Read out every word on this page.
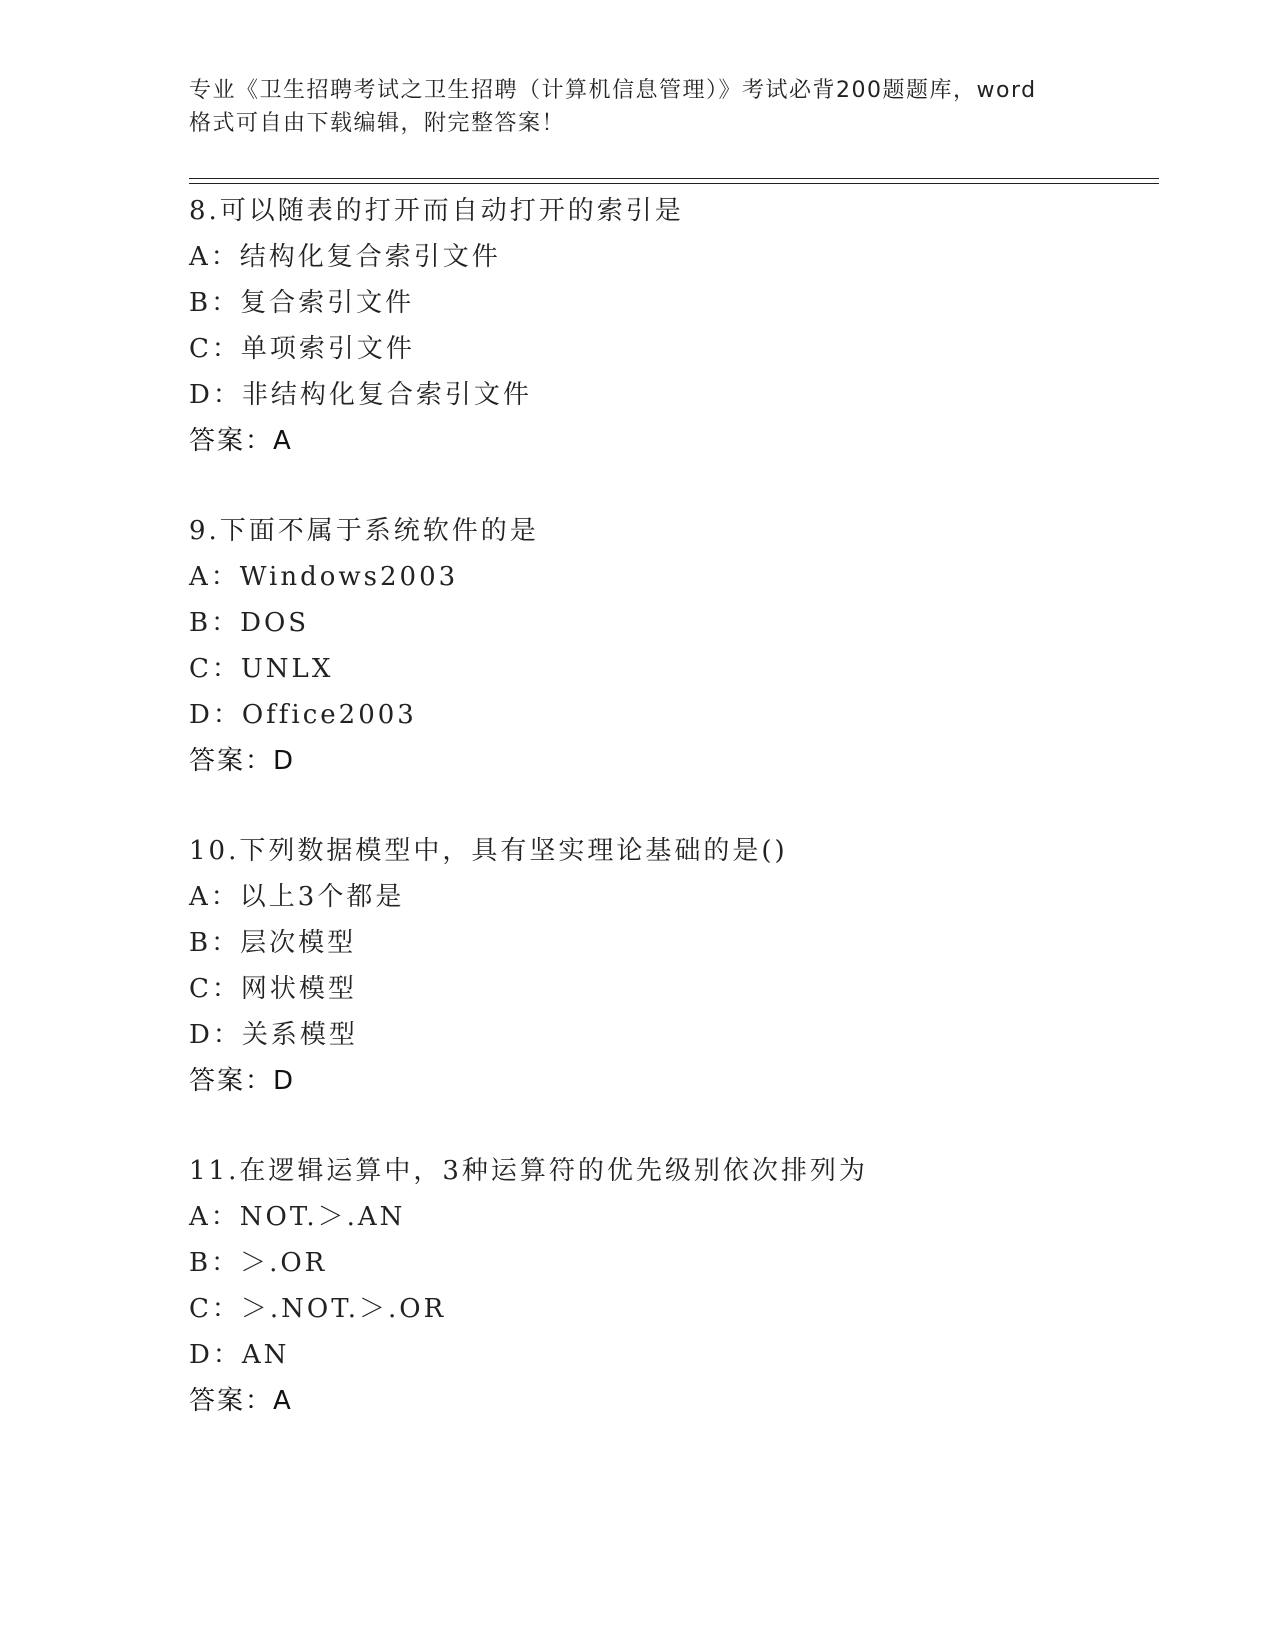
专业《卫生招聘考试之卫生招聘（计算机信息管理）》考试必背200题题库，word
格式可自由下载编辑，附完整答案！
8.可以随表的打开而自动打开的索引是
A：结构化复合索引文件
B：复合索引文件
C：单项索引文件
D：非结构化复合索引文件
答案：A
9.下面不属于系统软件的是
A：Windows2003
B：DOS
C：UNLX
D：Office2003
答案：D
10.下列数据模型中，具有坚实理论基础的是()
A：以上3个都是
B：层次模型
C：网状模型
D：关系模型
答案：D
11.在逻辑运算中，3种运算符的优先级别依次排列为
A：NOT.＞.AN
B：＞.OR
C：＞.NOT.＞.OR
D：AN
答案：A
